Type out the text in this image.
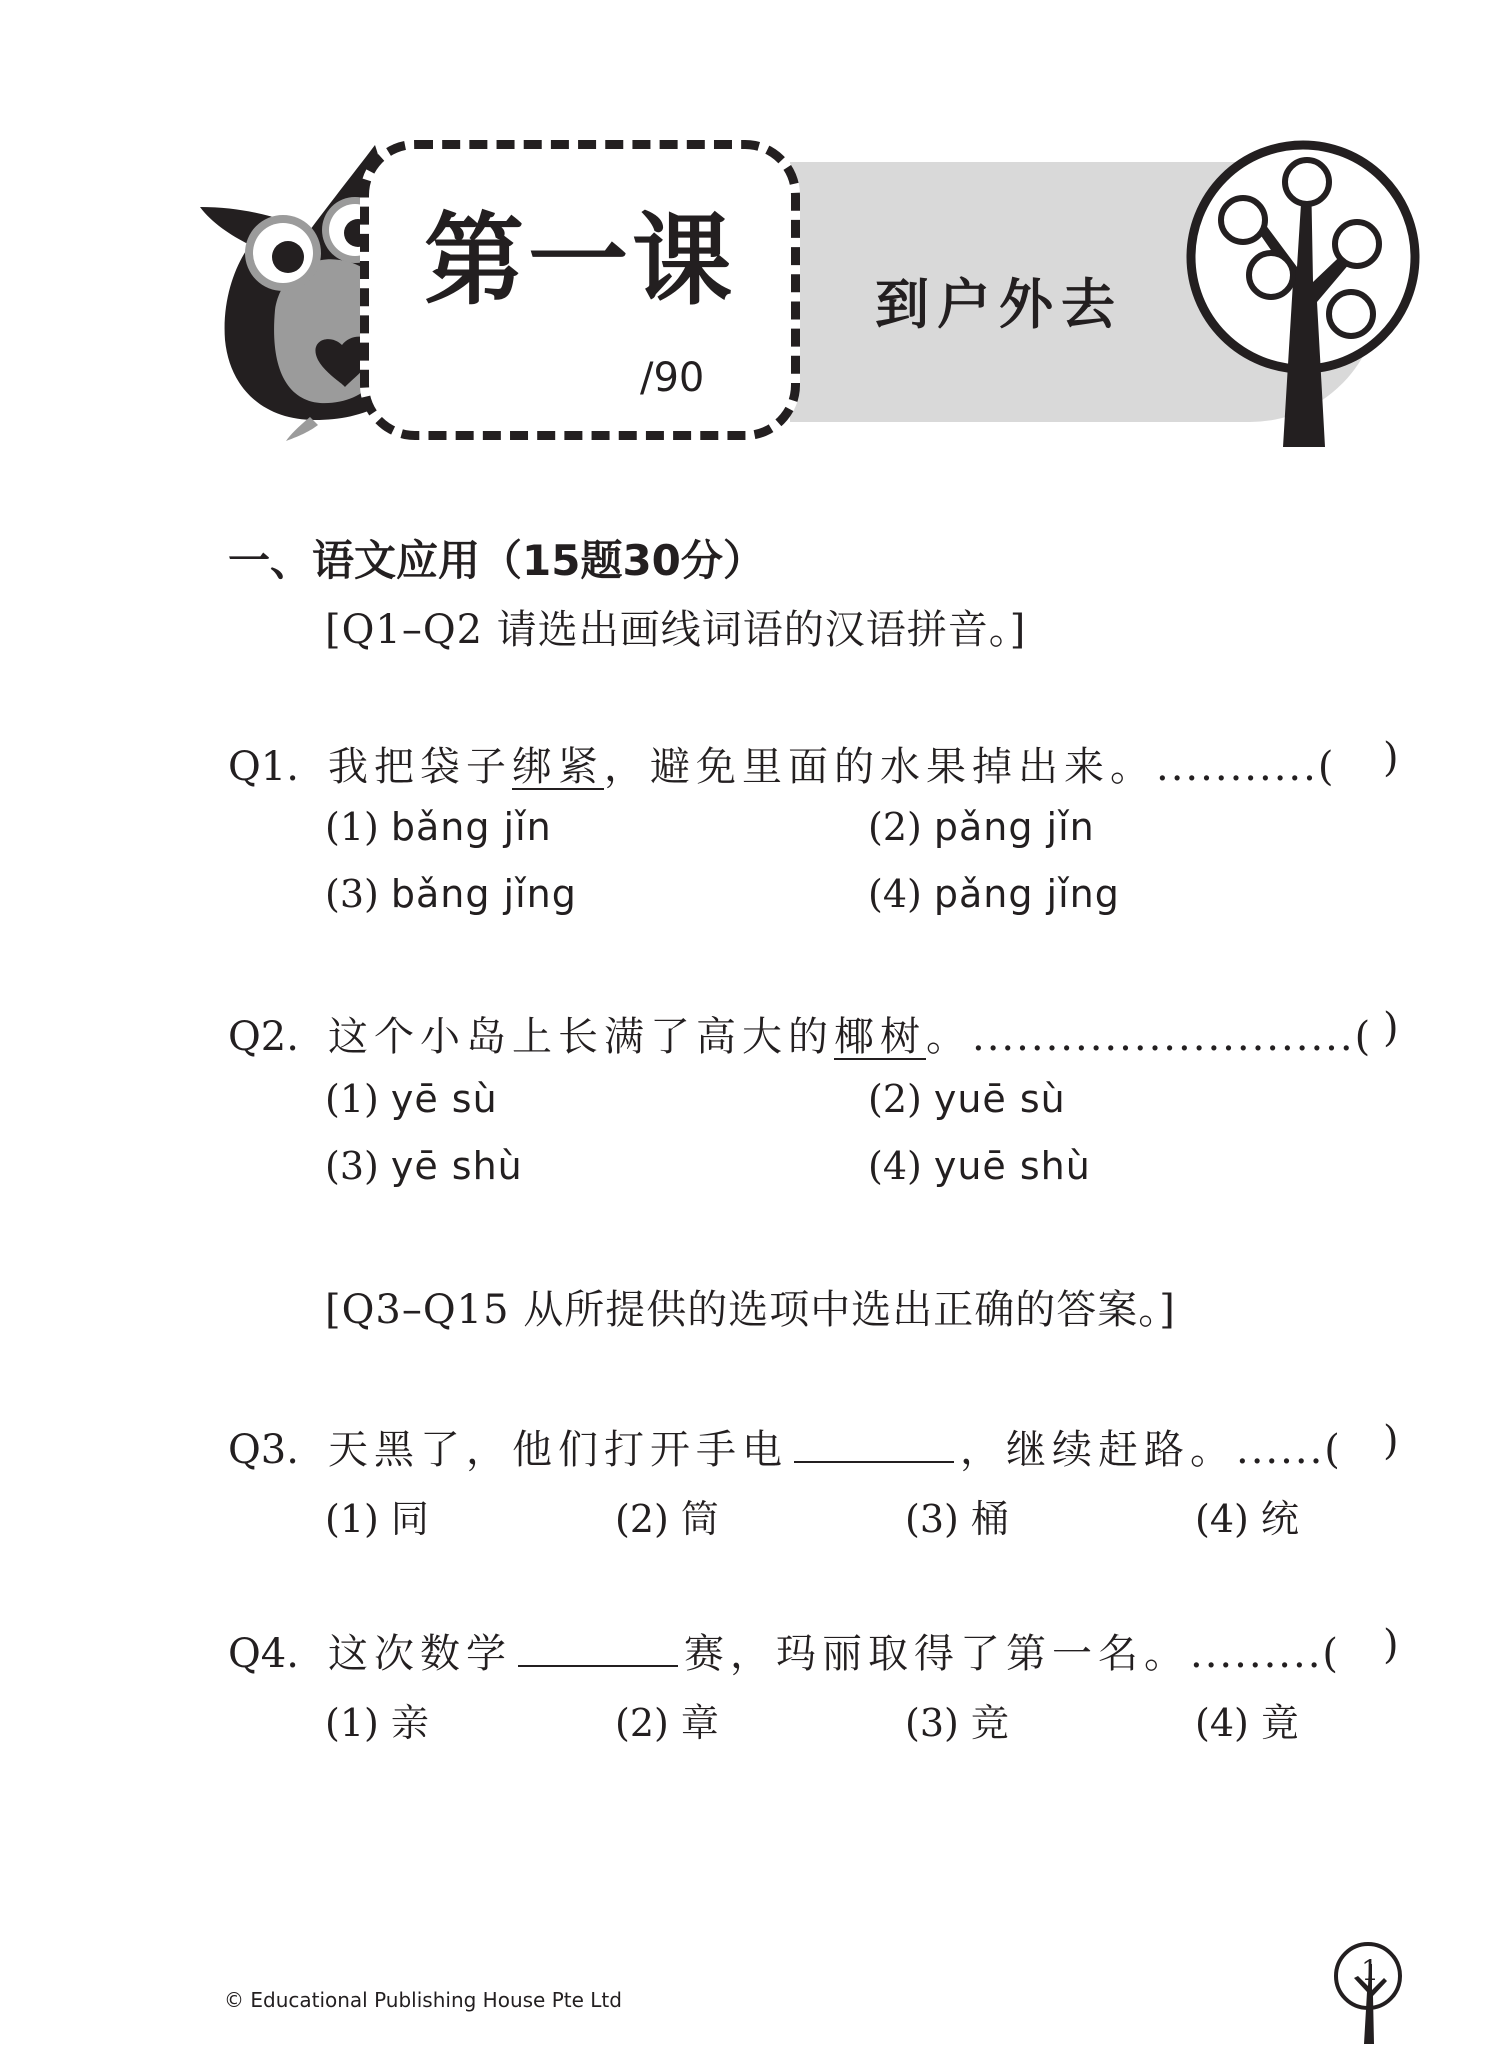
第一课
/90
到户外去
一、语文应用（15题30分）
[Q1–Q2 请选出画线词语的汉语拼音。]
Q1. 我把袋子绑紧，避免里面的水果掉出来。...........( )
(1) bǎng jǐn	(2) pǎng jǐn
(3) bǎng jǐng	(4) pǎng jǐng
Q2. 这个小岛上长满了高大的椰树。..........................( )
(1) yē sù	(2) yuē sù
(3) yē shù	(4) yuē shù
[Q3–Q15 从所提供的选项中选出正确的答案。]
Q3. 天黑了，他们打开手电	，继续赶路。......( )
(1) 同	(2) 筒	(3) 桶	(4) 统
Q4. 这次数学	赛，玛丽取得了第一名。.........( )
(1) 亲	(2) 章	(3) 竞	(4) 竟
© Educational Publishing House Pte Ltd
1
